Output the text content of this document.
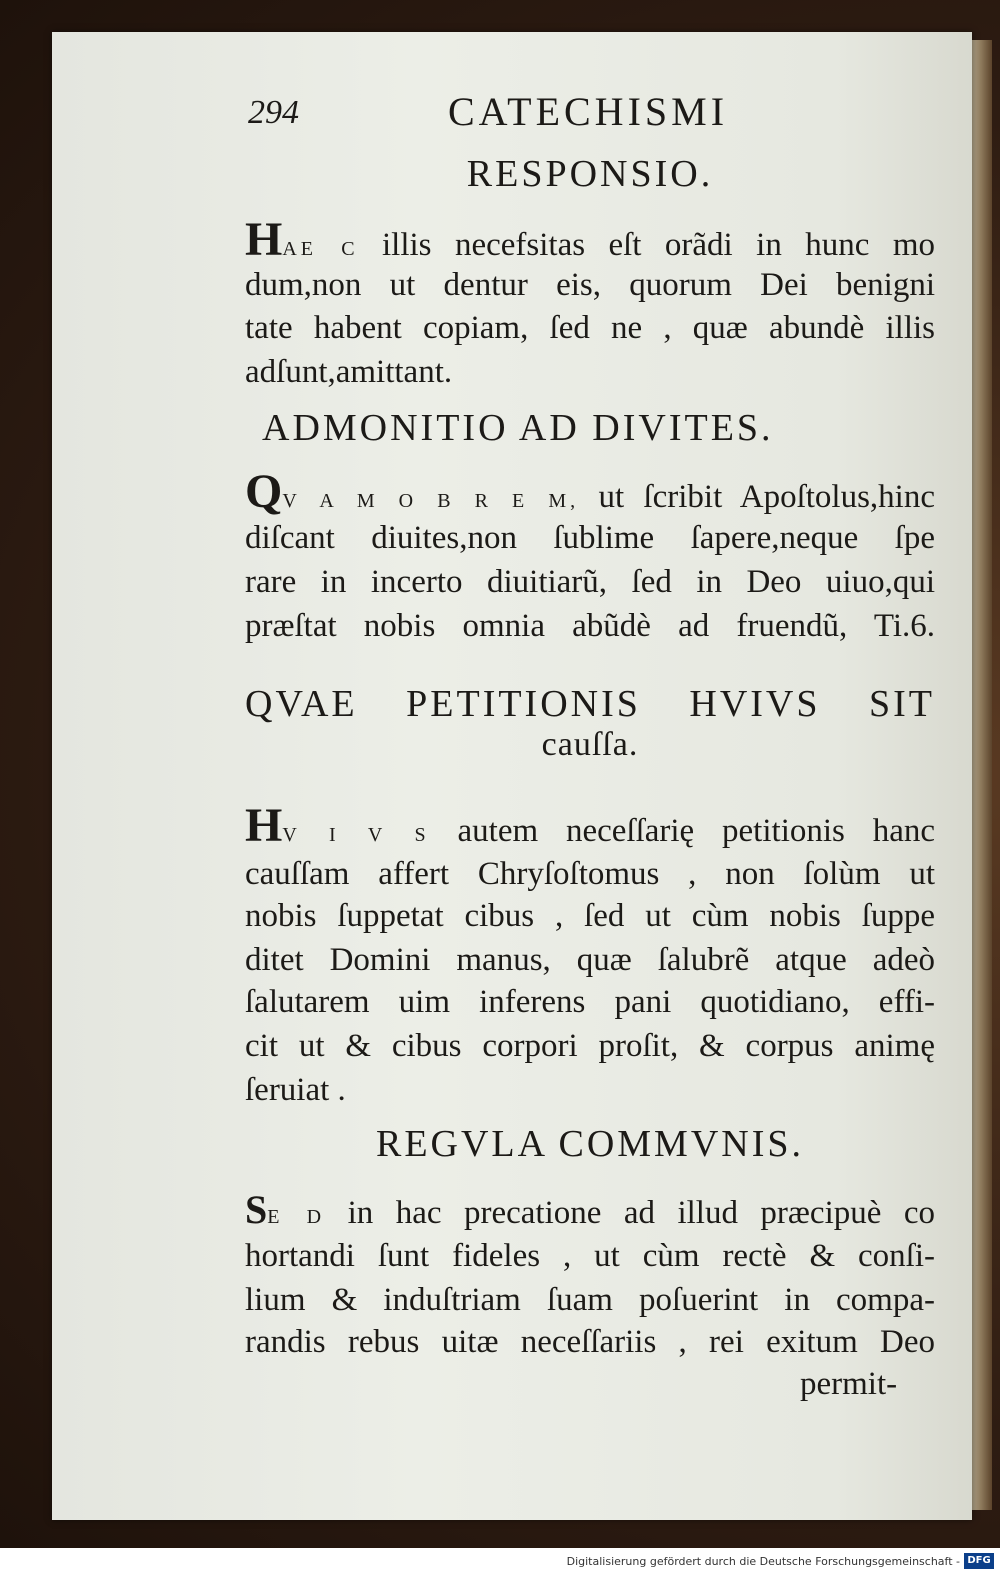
294	CATECHISMI
RESPONSIO.
HAE C illis necefsitas eſt orãdi in hunc mo
dum,non ut dentur eis, quorum Dei benigni
tate habent copiam, ſed ne , quæ abundè illis
adſunt,amittant.
ADMONITIO AD DIVITES.
QV A M O B R E M, ut ſcribit Apoſtolus,hinc
diſcant diuites,non ſublime ſapere,neque ſpe
rare in incerto diuitiarũ, ſed in Deo uiuo,qui
præſtat nobis omnia abũdè ad fruendũ, Ti.6.
QVAE PETITIONIS HVIVS SIT
cauſſa.
HV I V S autem neceſſarię petitionis hanc
cauſſam affert Chryſoſtomus , non ſolùm ut
nobis ſuppetat cibus , ſed ut cùm nobis ſuppe
ditet Domini manus, quæ ſalubrẽ atque adeò
ſalutarem uim inferens pani quotidiano, effi-
cit ut & cibus corpori proſit, & corpus animę
ſeruiat .
REGVLA COMMVNIS.
SE D in hac precatione ad illud præcipuè co
hortandi ſunt fideles , ut cùm rectè & conſi-
lium & induſtriam ſuam poſuerint in compa-
randis rebus uitæ neceſſariis , rei exitum Deo
permit-
Digitalisierung gefördert durch die Deutsche Forschungsgemeinschaft - DFG
